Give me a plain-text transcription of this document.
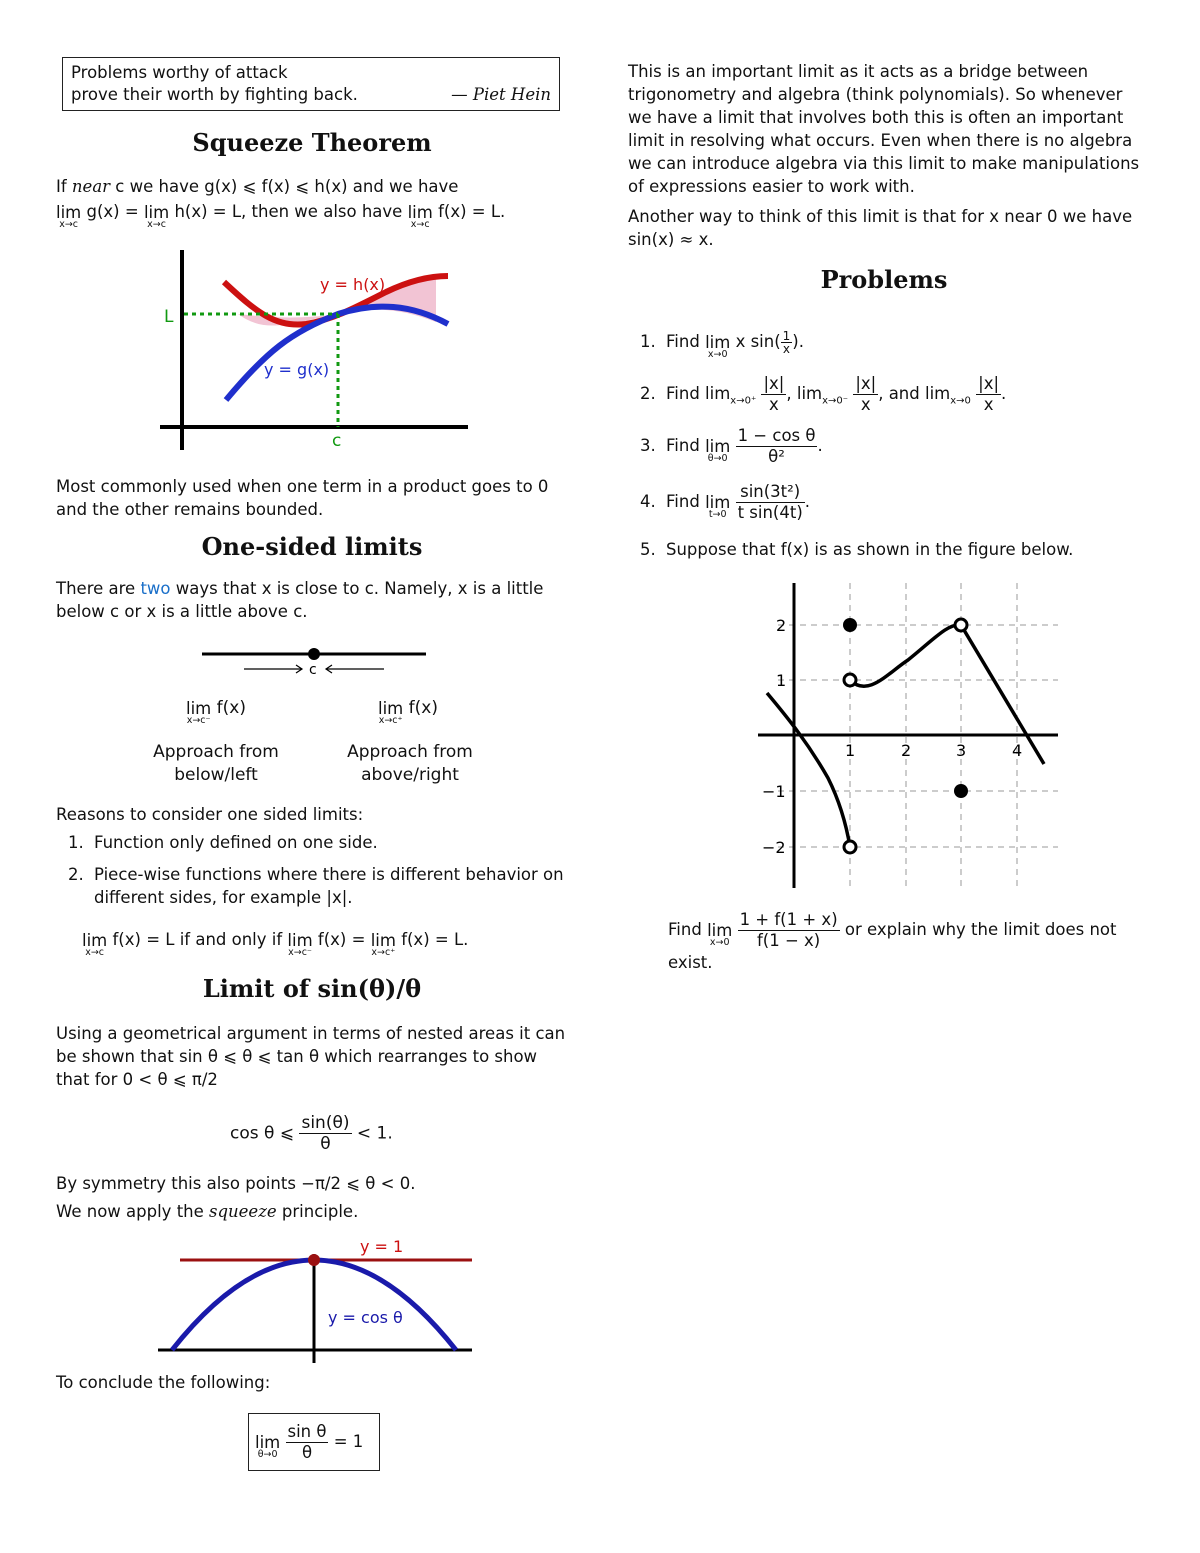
Problems worthy of attack
prove their worth by fighting back.	— Piet Hein
Squeeze Theorem
If near c we have g(x) ⩽ f(x) ⩽ h(x) and we have
lim
x→c
g(x) = lim
x→c
h(x) = L, then we also have lim
x→c
f(x) = L.
L
c
y = h(x)
y = g(x)
Most commonly used when one term in a product goes to 0 and the other remains bounded.
One-sided limits
There are two ways that x is close to c. Namely, x is a little below c or x is a little above c.
c
lim
x→c⁻
f(x)	lim
x→c⁺
f(x)
Approach from
below/left
Approach from
above/right
Reasons to consider one sided limits:
1. Function only defined on one side.
2. Piece-wise functions where there is different behavior on different sides, for example |x|.
lim
x→c
f(x) = L if and only if lim
x→c⁻
f(x) = lim
x→c⁺
f(x) = L.
Limit of sin(θ)/θ
Using a geometrical argument in terms of nested areas it can be shown that sin θ ⩽ θ ⩽ tan θ which rearranges to show that for 0 < θ ⩽ π/2
cos θ ⩽ $\frac{\sin(\theta)}{\theta} < 1$.
By symmetry this also points −π/2 ⩽ θ < 0.
We now apply the squeeze principle.
y = 1
y = cos θ
To conclude the following:
lim
θ→0
$\frac{\text{sin θ}}{\theta} = 1$
This is an important limit as it acts as a bridge between trigonometry and algebra (think polynomials). So whenever we have a limit that involves both this is often an important limit in resolving what occurs. Even when there is no algebra we can introduce algebra via this limit to make manipulations of expressions easier to work with.
Another way to think of this limit is that for x near 0 we have sin(x) ≈ x.
Problems
1. Find lim
x→0
x $\sin( \frac{1}{x}$ ).
2. Find $\lim_{x\to 0^+} \frac{|x|}{x}$ , $\lim_{x\to 0^-} \frac{|x|}{x}$ , and $\lim_{x\to 0} \frac{|x|}{x}$ .
3. Find lim
θ→0
$\frac{\text{1 − cos θ}}{\text{θ²}}$ .
4. Find lim
t→0
$\frac{\text{sin(3t²)}}{\text{t sin(4t)}}$ .
5. Suppose that f(x) is as shown in the figure below.
1	2	3	4
2
1
−1
−2
Find lim
x→0
$\frac{1 + f(1 + x)}{f(1 - x)}$ or explain why the limit does not exist.
